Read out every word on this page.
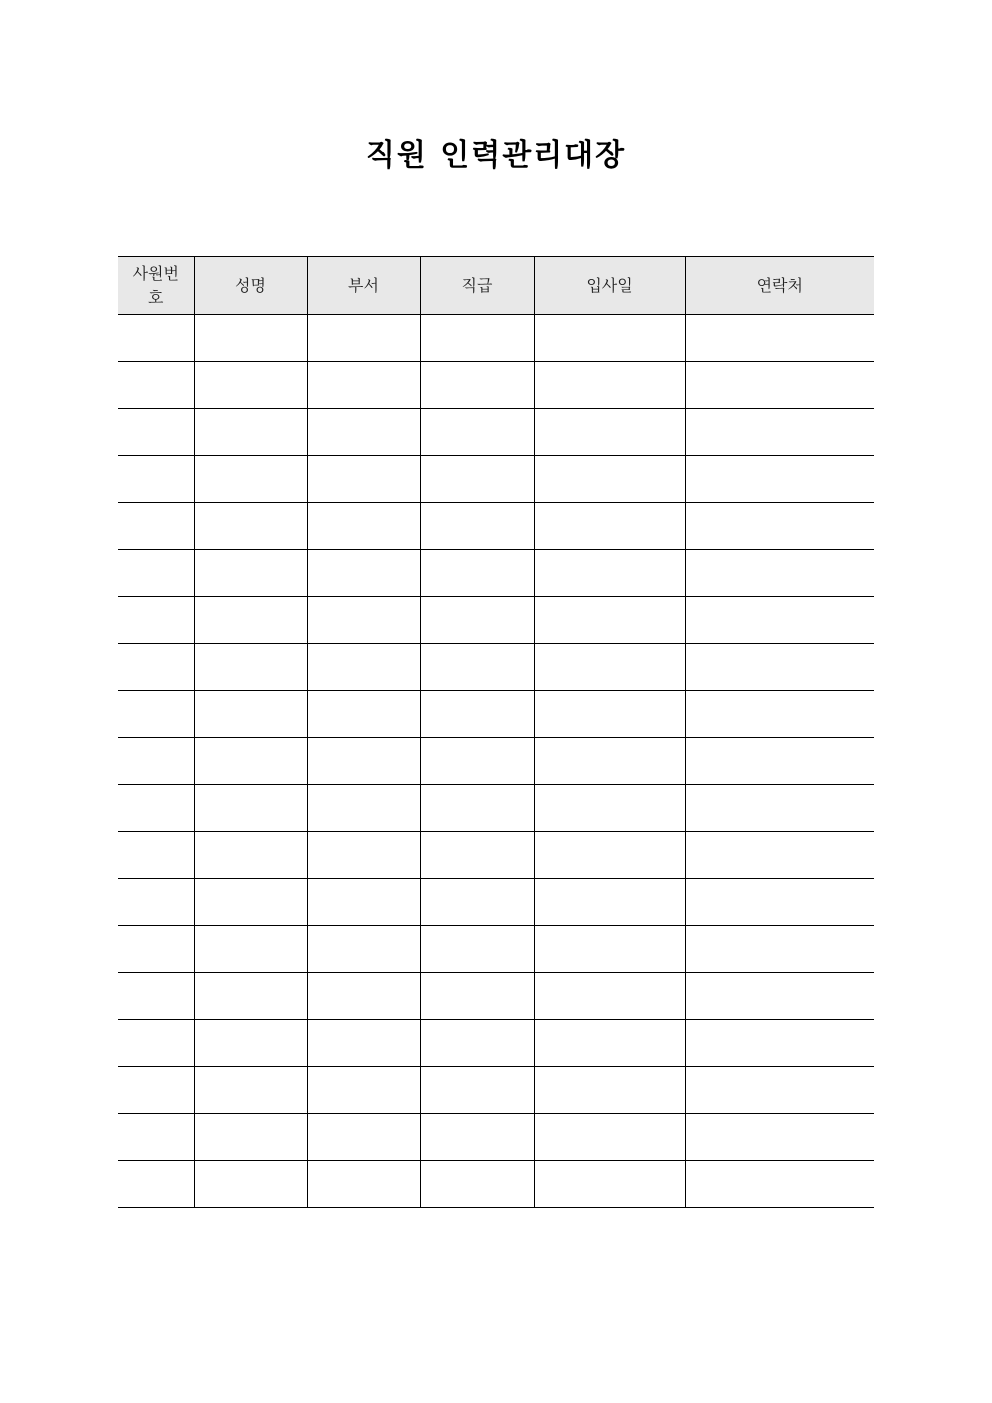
직원 인력관리대장
사원번호	성명	부서	직급	입사일	연락처
